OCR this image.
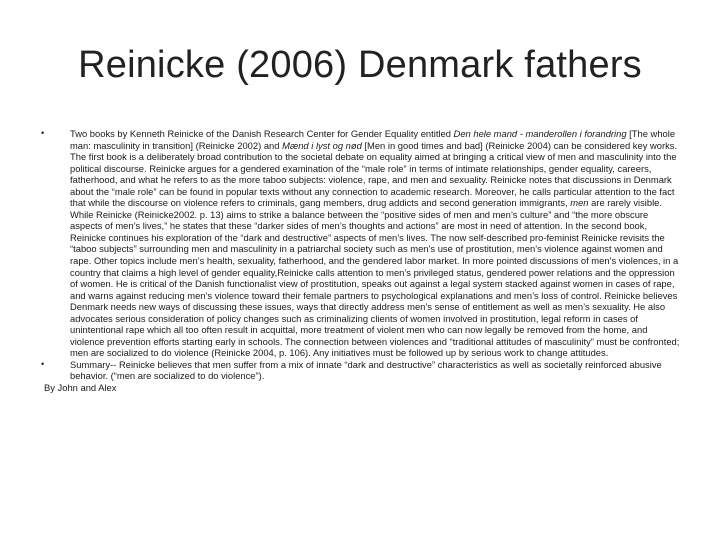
Reinicke (2006) Denmark fathers
•	Two books by Kenneth Reinicke of the Danish Research Center for Gender Equality entitled Den hele mand - manderollen i forandring [The whole man: masculinity in transition] (Reinicke 2002) and Mænd i lyst og nød [Men in good times and bad] (Reinicke 2004) can be considered key works. The first book is a deliberately broad contribution to the societal debate on equality aimed at bringing a critical view of men and masculinity into the political discourse. Reinicke argues for a gendered examination of the “male role” in terms of intimate relationships, gender equality, careers, fatherhood, and what he refers to as the more taboo subjects: violence, rape, and men and sexuality. Reinicke notes that discussions in Denmark about the “male role” can be found in popular texts without any connection to academic research. Moreover, he calls particular attention to the fact that while the discourse on violence refers to criminals, gang members, drug addicts and second generation immigrants, men are rarely visible. While Reinicke (Reinicke2002. p. 13) aims to strike a balance between the “positive sides of men and men’s culture” and “the more obscure aspects of men’s lives,” he states that these “darker sides of men’s thoughts and actions” are most in need of attention. In the second book, Reinicke continues his exploration of the “dark and destructive” aspects of men’s lives. The now self-described pro-feminist Reinicke revisits the “taboo subjects” surrounding men and masculinity in a patriarchal society such as men’s use of prostitution, men’s violence against women and rape. Other topics include men’s health, sexuality, fatherhood, and the gendered labor market. In more pointed discussions of men’s violences, in a country that claims a high level of gender equality,Reinicke calls attention to men’s privileged status, gendered power relations and the oppression of women. He is critical of the Danish functionalist view of prostitution, speaks out against a legal system stacked against women in cases of rape, and warns against reducing men’s violence toward their female partners to psychological explanations and men’s loss of control. Reinicke believes Denmark needs new ways of discussing these issues, ways that directly address men’s sense of entitlement as well as men’s sexuality. He also advocates serious consideration of policy changes such as criminalizing clients of women involved in prostitution, legal reform in cases of unintentional rape which all too often result in acquittal, more treatment of violent men who can now legally be removed from the home, and violence prevention efforts starting early in schools. The connection between violences and “traditional attitudes of masculinity” must be confronted; men are socialized to do violence (Reinicke 2004, p. 106). Any initiatives must be followed up by serious work to change attitudes.
•	Summary-- Reinicke believes that men suffer from a mix of innate “dark and destructive” characteristics as well as societally reinforced abusive behavior. (“men are socialized to do violence”).
By John and Alex
